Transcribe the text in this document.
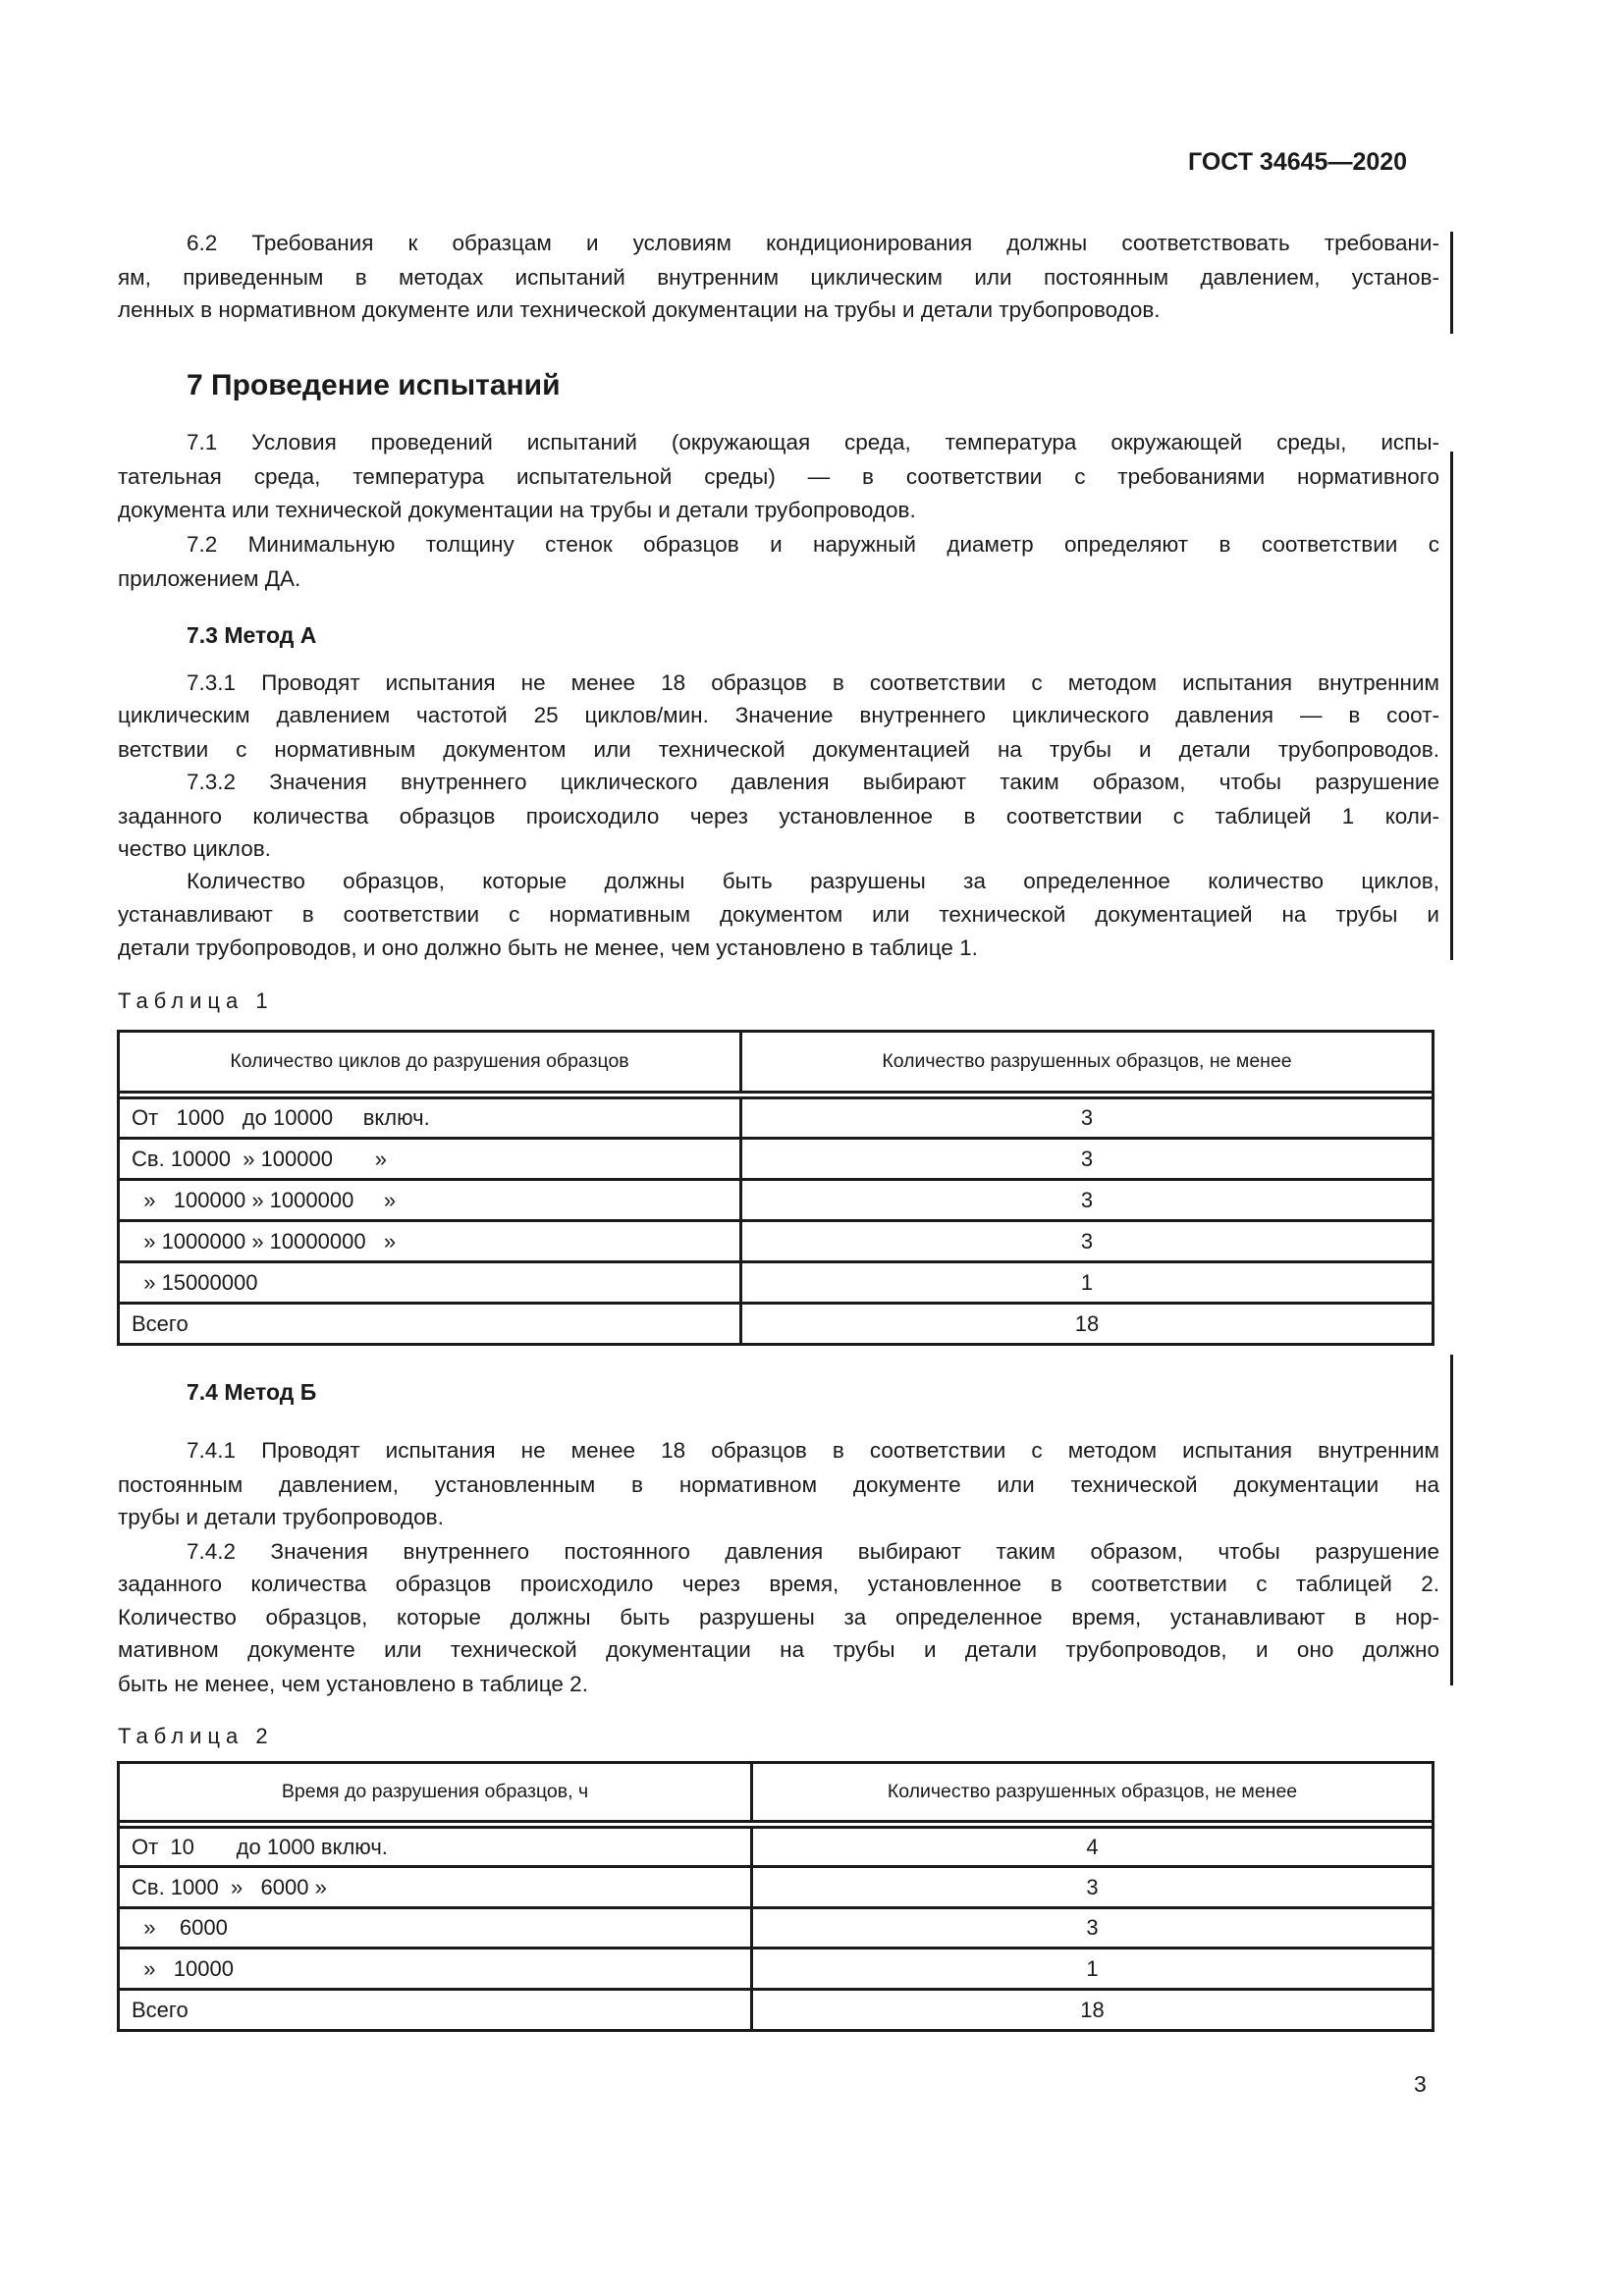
ГОСТ 34645—2020
6.2 Требования к образцам и условиям кондиционирования должны соответствовать требовани-
ям, приведенным в методах испытаний внутренним циклическим или постоянным давлением, установ-
ленных в нормативном документе или технической документации на трубы и детали трубопроводов.
7 Проведение испытаний
7.1 Условия проведений испытаний (окружающая среда, температура окружающей среды, испы-
тательная среда, температура испытательной среды) — в соответствии с требованиями нормативного
документа или технической документации на трубы и детали трубопроводов.
7.2 Минимальную толщину стенок образцов и наружный диаметр определяют в соответствии с
приложением ДА.
7.3 Метод А
7.3.1 Проводят испытания не менее 18 образцов в соответствии с методом испытания внутренним
циклическим давлением частотой 25 циклов/мин. Значение внутреннего циклического давления — в соот-
ветствии с нормативным документом или технической документацией на трубы и детали трубопроводов.
7.3.2 Значения внутреннего циклического давления выбирают таким образом, чтобы разрушение
заданного количества образцов происходило через установленное в соответствии с таблицей 1 коли-
чество циклов.
Количество образцов, которые должны быть разрушены за определенное количество циклов,
устанавливают в соответствии с нормативным документом или технической документацией на трубы и
детали трубопроводов, и оно должно быть не менее, чем установлено в таблице 1.
Таблица 1
Количество циклов до разрушения образцов	Количество разрушенных образцов, не менее

От   1000   до 10000     включ.	3
Св. 10000  » 100000       »	3
»   100000 » 1000000     »	3
» 1000000 » 10000000   »	3
» 15000000	1
Всего	18
7.4 Метод Б
7.4.1 Проводят испытания не менее 18 образцов в соответствии с методом испытания внутренним
постоянным давлением, установленным в нормативном документе или технической документации на
трубы и детали трубопроводов.
7.4.2 Значения внутреннего постоянного давления выбирают таким образом, чтобы разрушение
заданного количества образцов происходило через время, установленное в соответствии с таблицей 2.
Количество образцов, которые должны быть разрушены за определенное время, устанавливают в нор-
мативном документе или технической документации на трубы и детали трубопроводов, и оно должно
быть не менее, чем установлено в таблице 2.
Таблица 2
Время до разрушения образцов, ч	Количество разрушенных образцов, не менее

От  10       до 1000 включ.	4
Св. 1000  »   6000 »	3
»    6000	3
»   10000	1
Всего	18
3
